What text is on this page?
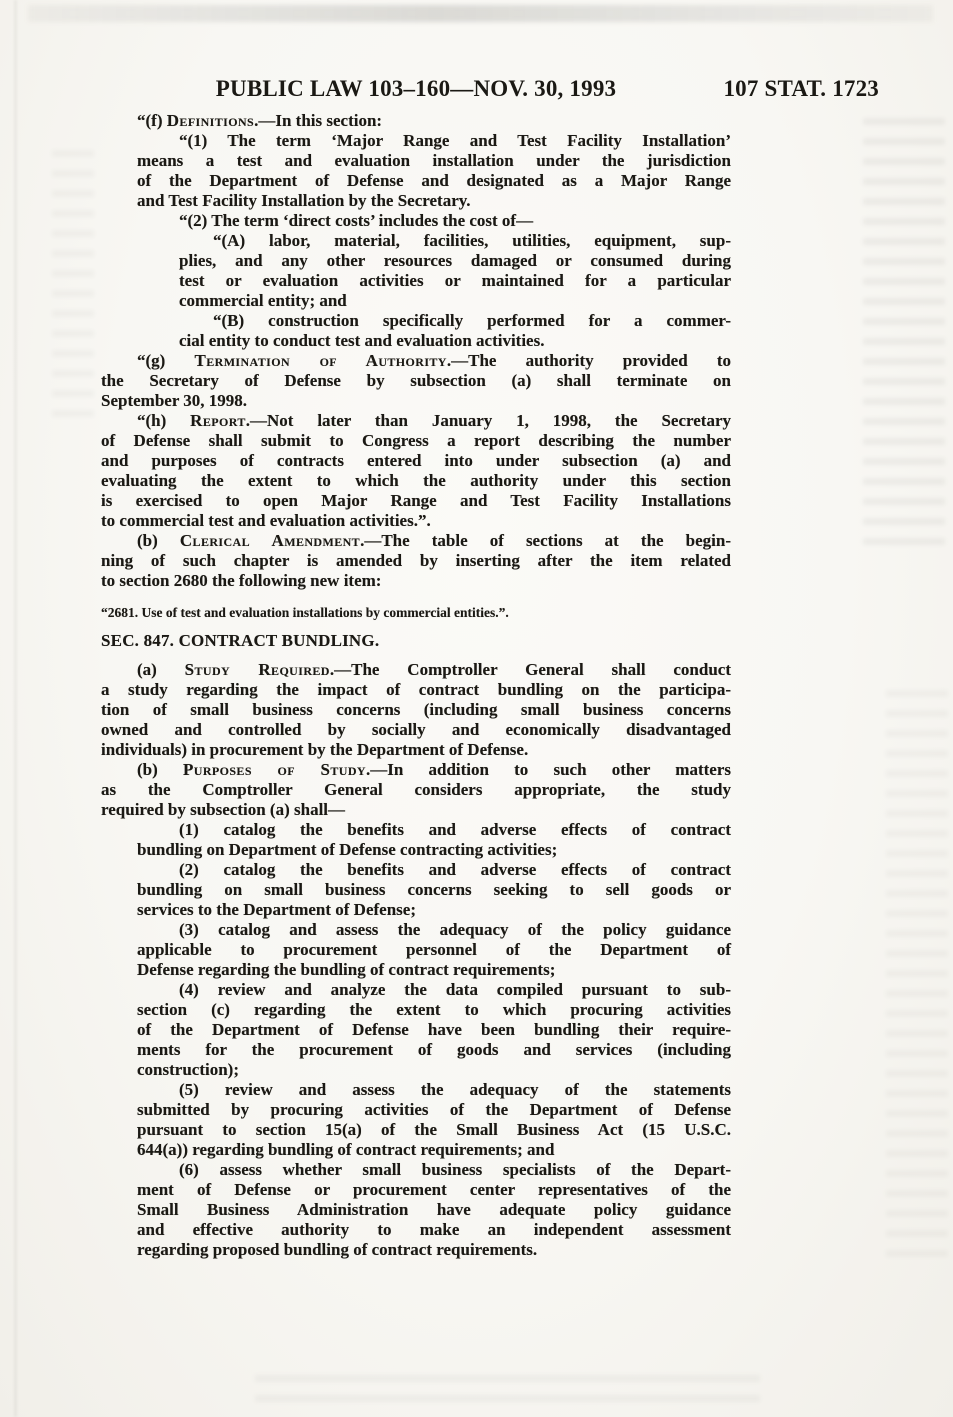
PUBLIC LAW 103–160—NOV. 30, 1993	107 STAT. 1723
“(f) Definitions.—In this section:
“(1) The term ‘Major Range and Test Facility Installation’
means a test and evaluation installation under the jurisdiction
of the Department of Defense and designated as a Major Range
and Test Facility Installation by the Secretary.
“(2) The term ‘direct costs’ includes the cost of—
“(A) labor, material, facilities, utilities, equipment, sup-
plies, and any other resources damaged or consumed during
test or evaluation activities or maintained for a particular
commercial entity; and
“(B) construction specifically performed for a commer-
cial entity to conduct test and evaluation activities.
“(g) Termination of Authority.—The authority provided to
the Secretary of Defense by subsection (a) shall terminate on
September 30, 1998.
“(h) Report.—Not later than January 1, 1998, the Secretary
of Defense shall submit to Congress a report describing the number
and purposes of contracts entered into under subsection (a) and
evaluating the extent to which the authority under this section
is exercised to open Major Range and Test Facility Installations
to commercial test and evaluation activities.”.
(b) Clerical Amendment.—The table of sections at the begin-
ning of such chapter is amended by inserting after the item related
to section 2680 the following new item:
“2681. Use of test and evaluation installations by commercial entities.”.
SEC. 847. CONTRACT BUNDLING.
(a) Study Required.—The Comptroller General shall conduct
a study regarding the impact of contract bundling on the participa-
tion of small business concerns (including small business concerns
owned and controlled by socially and economically disadvantaged
individuals) in procurement by the Department of Defense.
(b) Purposes of Study.—In addition to such other matters
as the Comptroller General considers appropriate, the study
required by subsection (a) shall—
(1) catalog the benefits and adverse effects of contract
bundling on Department of Defense contracting activities;
(2) catalog the benefits and adverse effects of contract
bundling on small business concerns seeking to sell goods or
services to the Department of Defense;
(3) catalog and assess the adequacy of the policy guidance
applicable to procurement personnel of the Department of
Defense regarding the bundling of contract requirements;
(4) review and analyze the data compiled pursuant to sub-
section (c) regarding the extent to which procuring activities
of the Department of Defense have been bundling their require-
ments for the procurement of goods and services (including
construction);
(5) review and assess the adequacy of the statements
submitted by procuring activities of the Department of Defense
pursuant to section 15(a) of the Small Business Act (15 U.S.C.
644(a)) regarding bundling of contract requirements; and
(6) assess whether small business specialists of the Depart-
ment of Defense or procurement center representatives of the
Small Business Administration have adequate policy guidance
and effective authority to make an independent assessment
regarding proposed bundling of contract requirements.
